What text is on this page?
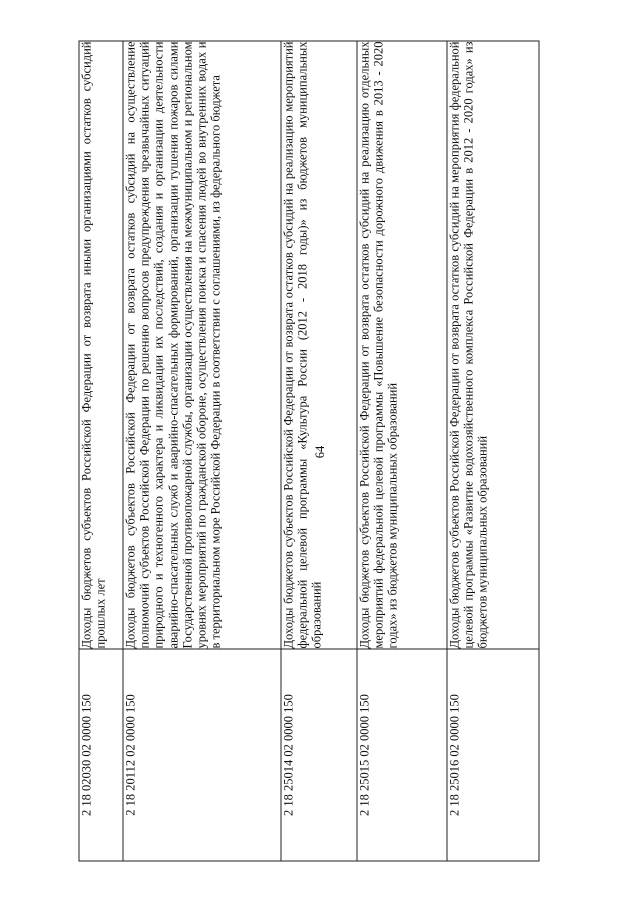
64
2 18 02030 02 0000 150	Доходы бюджетов субъектов Российской Федерации от возврата иными организациями остатков субсидий прошлых лет
2 18 20112 02 0000 150	Доходы бюджетов субъектов Российской Федерации от возврата остатков субсидий на осуществление полномочий субъектов Российской Федерации по решению вопросов предупреждения чрезвычайных ситуаций природного и техногенного характера и ликвидации их последствий, создания и организации деятельности аварийно-спасательных служб и аварийно-спасательных формирований, организации тушения пожаров силами Государственной противопожарной службы, организации осуществления на межмуниципальном и региональном уровнях мероприятий по гражданской обороне, осуществления поиска и спасения людей во внутренних водах и в территориальном море Российской Федерации в соответствии с соглашениями, из федерального бюджета
2 18 25014 02 0000 150	Доходы бюджетов субъектов Российской Федерации от возврата остатков субсидий на реализацию мероприятий федеральной целевой программы «Культура России (2012 - 2018 годы)» из бюджетов муниципальных образований
2 18 25015 02 0000 150	Доходы бюджетов субъектов Российской Федерации от возврата остатков субсидий на реализацию отдельных мероприятий федеральной целевой программы «Повышение безопасности дорожного движения в 2013 - 2020 годах» из бюджетов муниципальных образований
2 18 25016 02 0000 150	Доходы бюджетов субъектов Российской Федерации от возврата остатков субсидий на мероприятия федеральной целевой программы «Развитие водохозяйственного комплекса Российской Федерации в 2012 - 2020 годах» из бюджетов муниципальных образований
